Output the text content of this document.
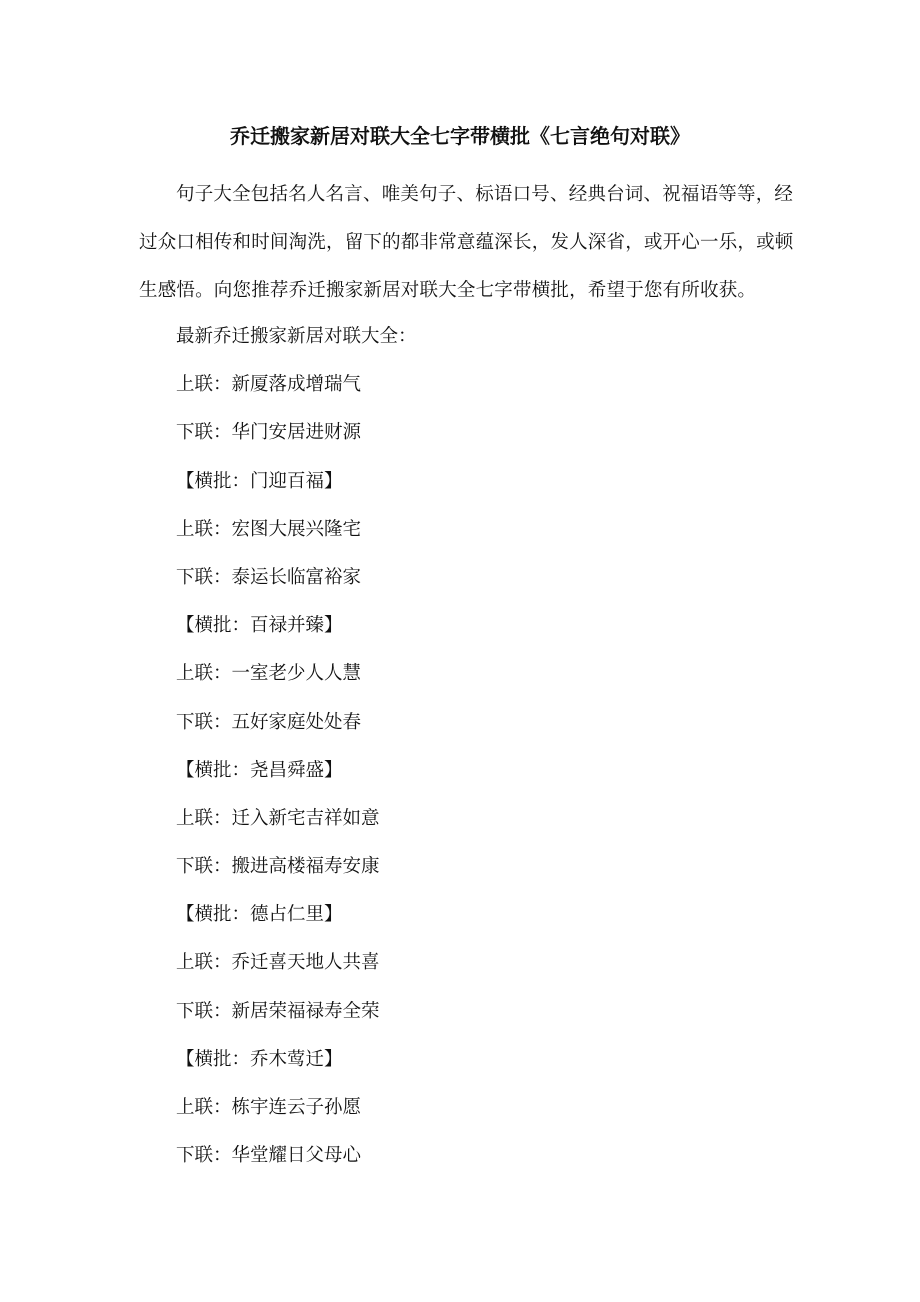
乔迁搬家新居对联大全七字带横批《七言绝句对联》

句子大全包括名人名言、唯美句子、标语口号、经典台词、祝福语等等，经过众口相传和时间淘洗，留下的都非常意蕴深长，发人深省，或开心一乐，或顿生感悟。向您推荐乔迁搬家新居对联大全七字带横批，希望于您有所收获。

最新乔迁搬家新居对联大全：
上联：新厦落成增瑞气
下联：华门安居进财源
【横批：门迎百福】
上联：宏图大展兴隆宅
下联：泰运长临富裕家
【横批：百禄并臻】
上联：一室老少人人慧
下联：五好家庭处处春
【横批：尧昌舜盛】
上联：迁入新宅吉祥如意
下联：搬进高楼福寿安康
【横批：德占仁里】
上联：乔迁喜天地人共喜
下联：新居荣福禄寿全荣
【横批：乔木莺迁】
上联：栋宇连云子孙愿
下联：华堂耀日父母心
